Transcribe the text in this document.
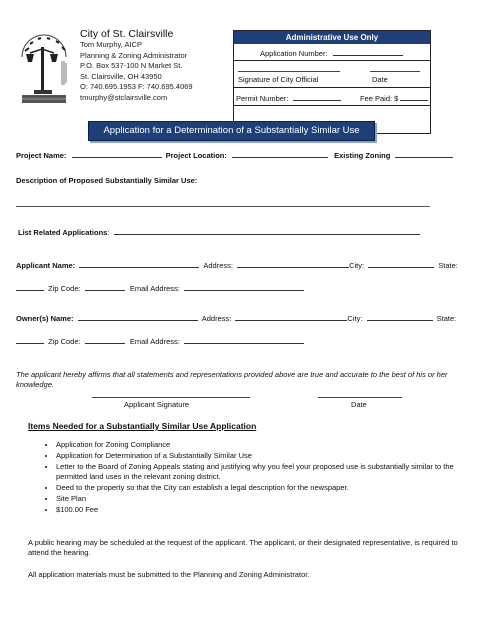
City of St. Clairsville
Tom Murphy, AICP
Planning & Zoning Administrator
P.O. Box 537-100 N Market St.
St. Clairsville, OH 43950
O: 740.695.1953 F: 740.695.4069
tmurphy@stclairsville.com
Administrative Use Only
Application Number:
Signature of City Official	Date
Permit Number:	Fee Paid: $
Application for a Determination of a Substantially Similar Use
Project Name:	Project Location:	Existing Zoning
Description of Proposed Substantially Similar Use:
List Related Applications:
Applicant Name:	Address:	City:	State:
Zip Code:	Email Address:
Owner(s) Name:	Address:	City:	State:
Zip Code:	Email Address:
The applicant hereby affirms that all statements and representations provided above are true and accurate to the best of his or her knowledge.
Applicant Signature	Date
Items Needed for a Substantially Similar Use Application
• Application for Zoning Compliance
• Application for Determination of a Substantially Similar Use
• Letter to the Board of Zoning Appeals stating and justifying why you feel your proposed use is substantially similar to the permitted land uses in the relevant zoning district.
• Deed to the property so that the City can establish a legal description for the newspaper.
• Site Plan
• $100.00 Fee
A public hearing may be scheduled at the request of the applicant. The applicant, or their designated representative, is required to attend the hearing.
All application materials must be submitted to the Planning and Zoning Administrator.
